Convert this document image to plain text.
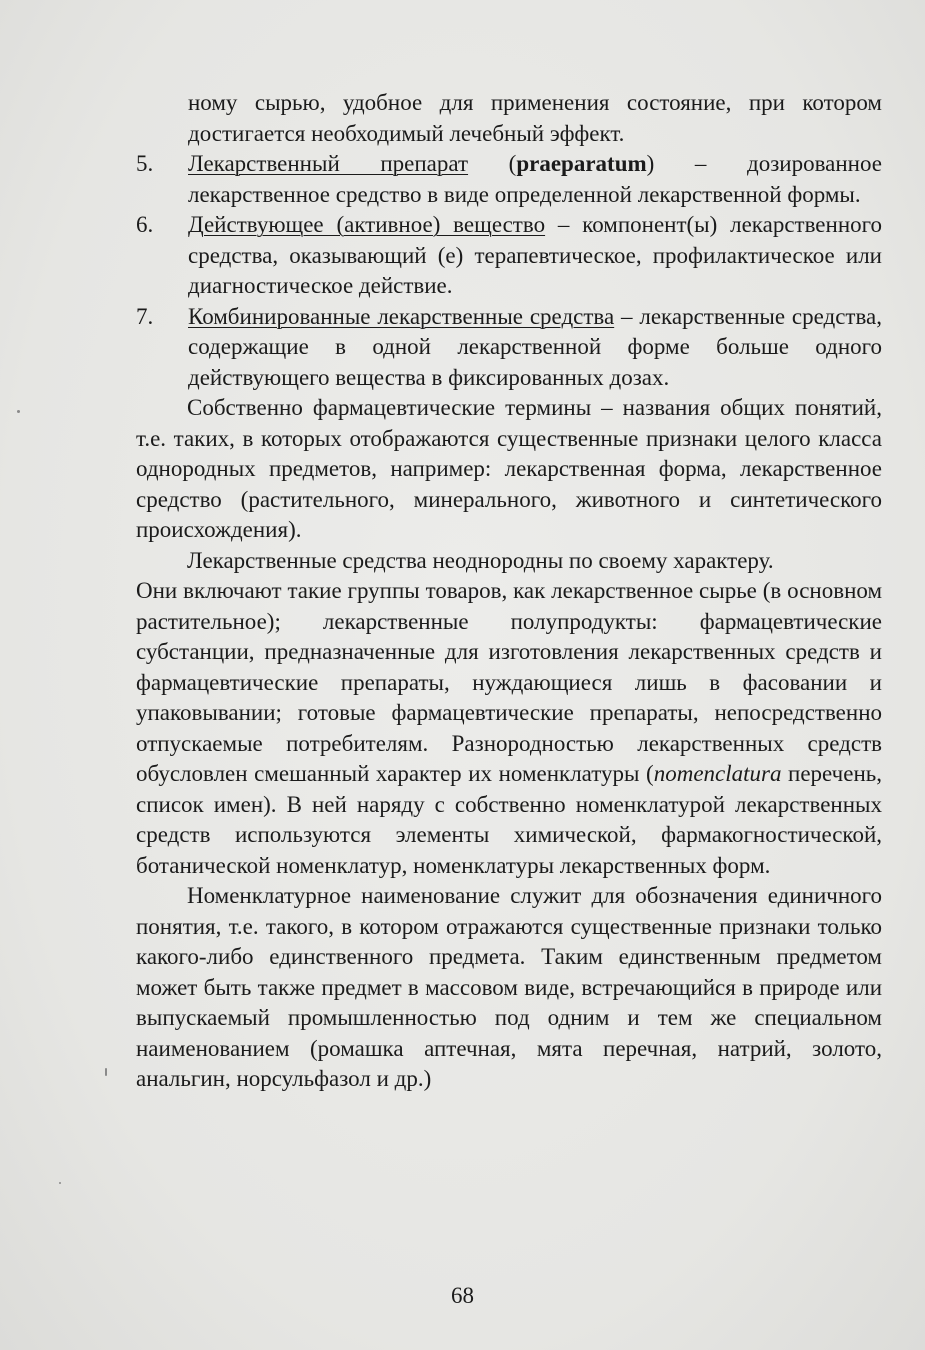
ному сырью, удобное для применения состояние, при котором достигается необходимый лечебный эффект.

5.	Лекарственный препарат (praeparatum) – дозированное лекарственное средство в виде определенной лекарственной формы.
6.	Действующее (активное) вещество – компонент(ы) лекарственного средства, оказывающий (е) терапевтическое, профилактическое или диагностическое действие.
7.	Комбинированные лекарственные средства – лекарственные средства, содержащие в одной лекарственной форме больше одного действующего вещества в фиксированных дозах.

Собственно фармацевтические термины – названия общих понятий, т.е. таких, в которых отображаются существенные признаки целого класса однородных предметов, например: лекарственная форма, лекарственное средство (растительного, минерального, животного и синтетического происхождения).

Лекарственные средства неоднородны по своему характеру.

Они включают такие группы товаров, как лекарственное сырье (в основном растительное); лекарственные полупродукты: фармацевтические субстанции, предназначенные для изготовления лекарственных средств и фармацевтические препараты, нуждающиеся лишь в фасовании и упаковывании; готовые фармацевтические препараты, непосредственно отпускаемые потребителям. Разнородностью лекарственных средств обусловлен смешанный характер их номенклатуры (nomenclatura перечень, список имен). В ней наряду с собственно номенклатурой лекарственных средств используются элементы химической, фармакогностической, ботанической номенклатур, номенклатуры лекарственных форм.

Номенклатурное наименование служит для обозначения единичного понятия, т.е. такого, в котором отражаются существенные признаки только какого-либо единственного предмета. Таким единственным предметом может быть также предмет в массовом виде, встречающийся в природе или выпускаемый промышленностью под одним и тем же специальном наименованием (ромашка аптечная, мята перечная, натрий, золото, анальгин, норсульфазол и др.)

68
